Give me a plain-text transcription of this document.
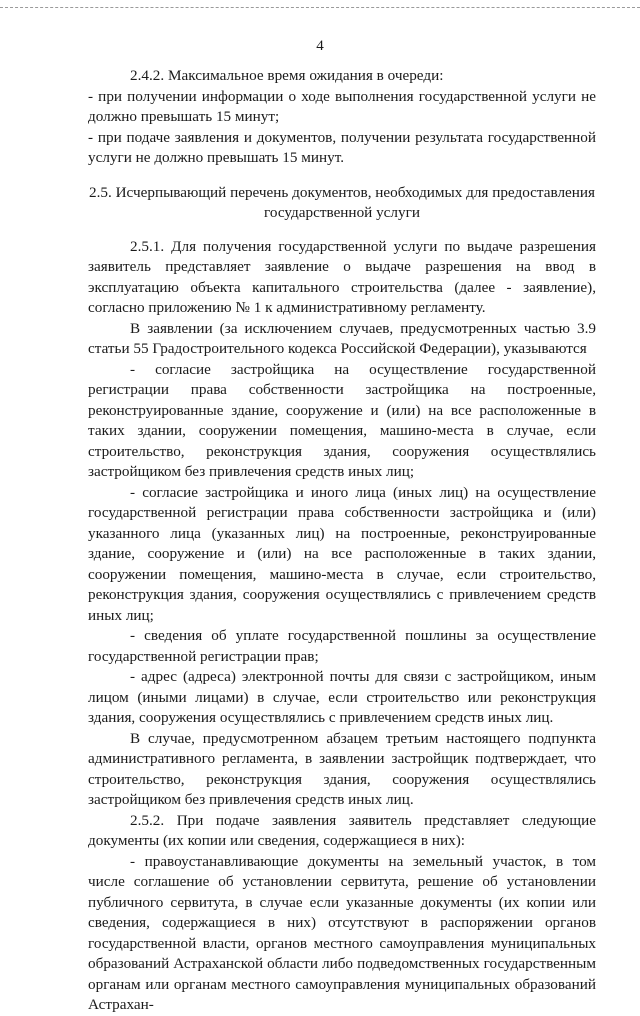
4

2.4.2. Максимальное время ожидания в очереди:

- при получении информации о ходе выполнения государственной услуги не должно превышать 15 минут;

- при подаче заявления и документов, получении результата государственной услуги не должно превышать 15 минут.

2.5. Исчерпывающий перечень документов, необходимых для предоставления государственной услуги

2.5.1. Для получения государственной услуги по выдаче разрешения заявитель представляет заявление о выдаче разрешения на ввод в эксплуатацию объекта капитального строительства (далее - заявление), согласно приложению № 1 к административному регламенту.

В заявлении (за исключением случаев, предусмотренных частью 3.9 статьи 55 Градостроительного кодекса Российской Федерации), указываются

- согласие застройщика на осуществление государственной регистрации права собственности застройщика на построенные, реконструированные здание, сооружение и (или) на все расположенные в таких здании, сооружении помещения, машино-места в случае, если строительство, реконструкция здания, сооружения осуществлялись застройщиком без привлечения средств иных лиц;

- согласие застройщика и иного лица (иных лиц) на осуществление государственной регистрации права собственности застройщика и (или) указанного лица (указанных лиц) на построенные, реконструированные здание, сооружение и (или) на все расположенные в таких здании, сооружении помещения, машино-места в случае, если строительство, реконструкция здания, сооружения осуществлялись с привлечением средств иных лиц;

- сведения об уплате государственной пошлины за осуществление государственной регистрации прав;

- адрес (адреса) электронной почты для связи с застройщиком, иным лицом (иными лицами) в случае, если строительство или реконструкция здания, сооружения осуществлялись с привлечением средств иных лиц.

В случае, предусмотренном абзацем третьим настоящего подпункта административного регламента, в заявлении застройщик подтверждает, что строительство, реконструкция здания, сооружения осуществлялись застройщиком без привлечения средств иных лиц.

2.5.2. При подаче заявления заявитель представляет следующие документы (их копии или сведения, содержащиеся в них):

- правоустанавливающие документы на земельный участок, в том числе соглашение об установлении сервитута, решение об установлении публичного сервитута, в случае если указанные документы (их копии или сведения, содержащиеся в них) отсутствуют в распоряжении органов государственной власти, органов местного самоуправления муниципальных образований Астраханской области либо подведомственных государственным органам или органам местного самоуправления муниципальных образований Астрахан-
